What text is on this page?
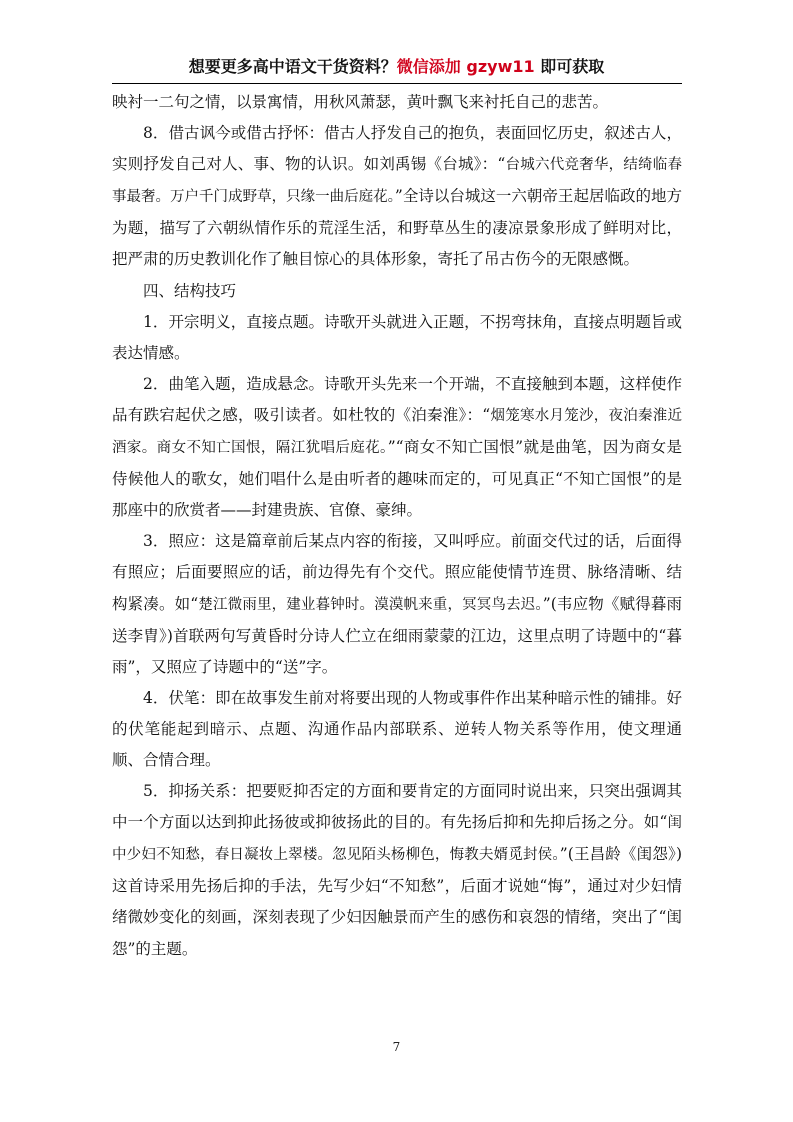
想要更多高中语文干货资料？微信添加 gzyw11 即可获取

映衬一二句之情，以景寓情，用秋风萧瑟，黄叶飘飞来衬托自己的悲苦。

8．借古讽今或借古抒怀：借古人抒发自己的抱负，表面回忆历史，叙述古人，实则抒发自己对人、事、物的认识。如刘禹锡《台城》：“台城六代竞奢华，结绮临春事最奢。万户千门成野草，只缘一曲后庭花。”全诗以台城这一六朝帝王起居临政的地方为题，描写了六朝纵情作乐的荒淫生活，和野草丛生的凄凉景象形成了鲜明对比，把严肃的历史教训化作了触目惊心的具体形象，寄托了吊古伤今的无限感慨。

四、结构技巧

1．开宗明义，直接点题。诗歌开头就进入正题，不拐弯抹角，直接点明题旨或表达情感。

2．曲笔入题，造成悬念。诗歌开头先来一个开端，不直接触到本题，这样使作品有跌宕起伏之感，吸引读者。如杜牧的《泊秦淮》：“烟笼寒水月笼沙，夜泊秦淮近酒家。商女不知亡国恨，隔江犹唱后庭花。”“商女不知亡国恨”就是曲笔，因为商女是侍候他人的歌女，她们唱什么是由听者的趣味而定的，可见真正“不知亡国恨”的是那座中的欣赏者——封建贵族、官僚、豪绅。

3．照应：这是篇章前后某点内容的衔接，又叫呼应。前面交代过的话，后面得有照应；后面要照应的话，前边得先有个交代。照应能使情节连贯、脉络清晰、结构紧凑。如“楚江微雨里，建业暮钟时。漠漠帆来重，冥冥鸟去迟。”(韦应物《赋得暮雨送李胄》)首联两句写黄昏时分诗人伫立在细雨蒙蒙的江边，这里点明了诗题中的“暮雨”，又照应了诗题中的“送”字。

4．伏笔：即在故事发生前对将要出现的人物或事件作出某种暗示性的铺排。好的伏笔能起到暗示、点题、沟通作品内部联系、逆转人物关系等作用，使文理通顺、合情合理。

5．抑扬关系：把要贬抑否定的方面和要肯定的方面同时说出来，只突出强调其中一个方面以达到抑此扬彼或抑彼扬此的目的。有先扬后抑和先抑后扬之分。如“闺中少妇不知愁，春日凝妆上翠楼。忽见陌头杨柳色，悔教夫婿觅封侯。”(王昌龄《闺怨》)这首诗采用先扬后抑的手法，先写少妇“不知愁”，后面才说她“悔”，通过对少妇情绪微妙变化的刻画，深刻表现了少妇因触景而产生的感伤和哀怨的情绪，突出了“闺怨”的主题。

7
